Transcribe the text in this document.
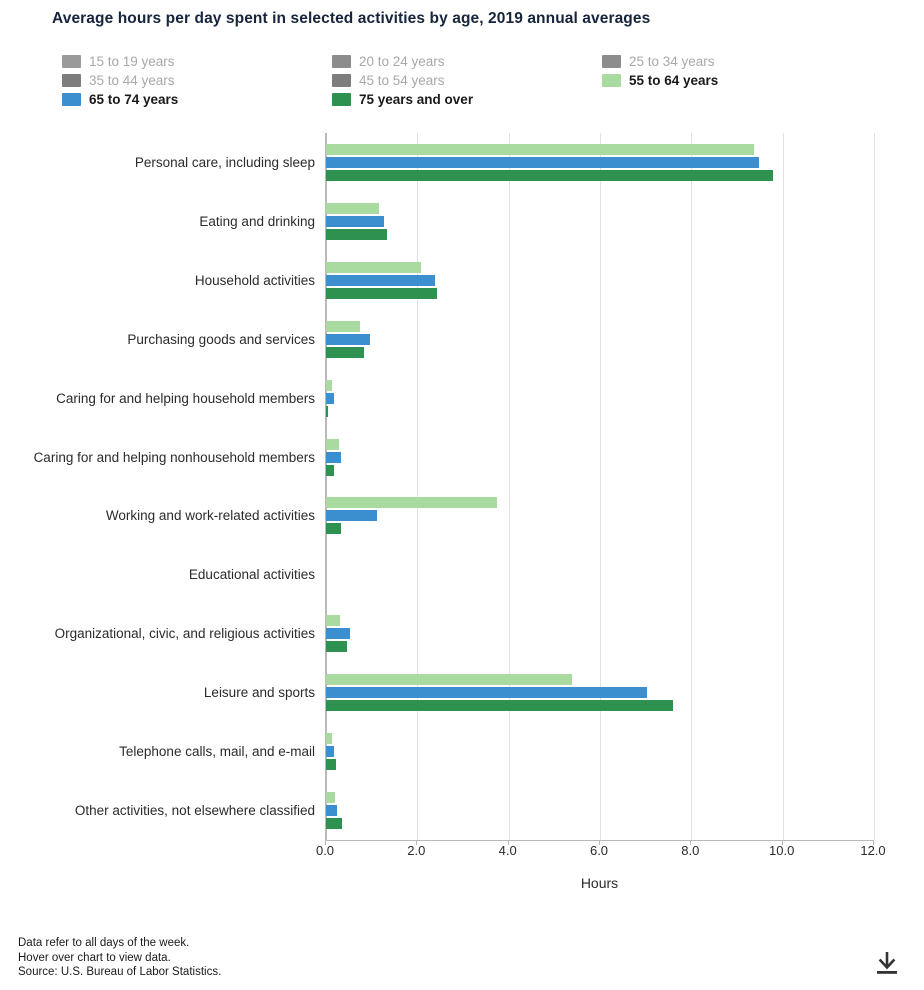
Average hours per day spent in selected activities by age, 2019 annual averages
15 to 19 years	20 to 24 years	25 to 34 years
35 to 44 years	45 to 54 years	55 to 64 years
65 to 74 years	75 years and over
Personal care, including sleep
Eating and drinking
Household activities
Purchasing goods and services
Caring for and helping household members
Caring for and helping nonhousehold members
Working and work-related activities
Educational activities
Organizational, civic, and religious activities
Leisure and sports
Telephone calls, mail, and e-mail
Other activities, not elsewhere classified
0.0	2.0	4.0	6.0	8.0	10.0	12.0
Hours
Data refer to all days of the week.
Hover over chart to view data.
Source: U.S. Bureau of Labor Statistics.
